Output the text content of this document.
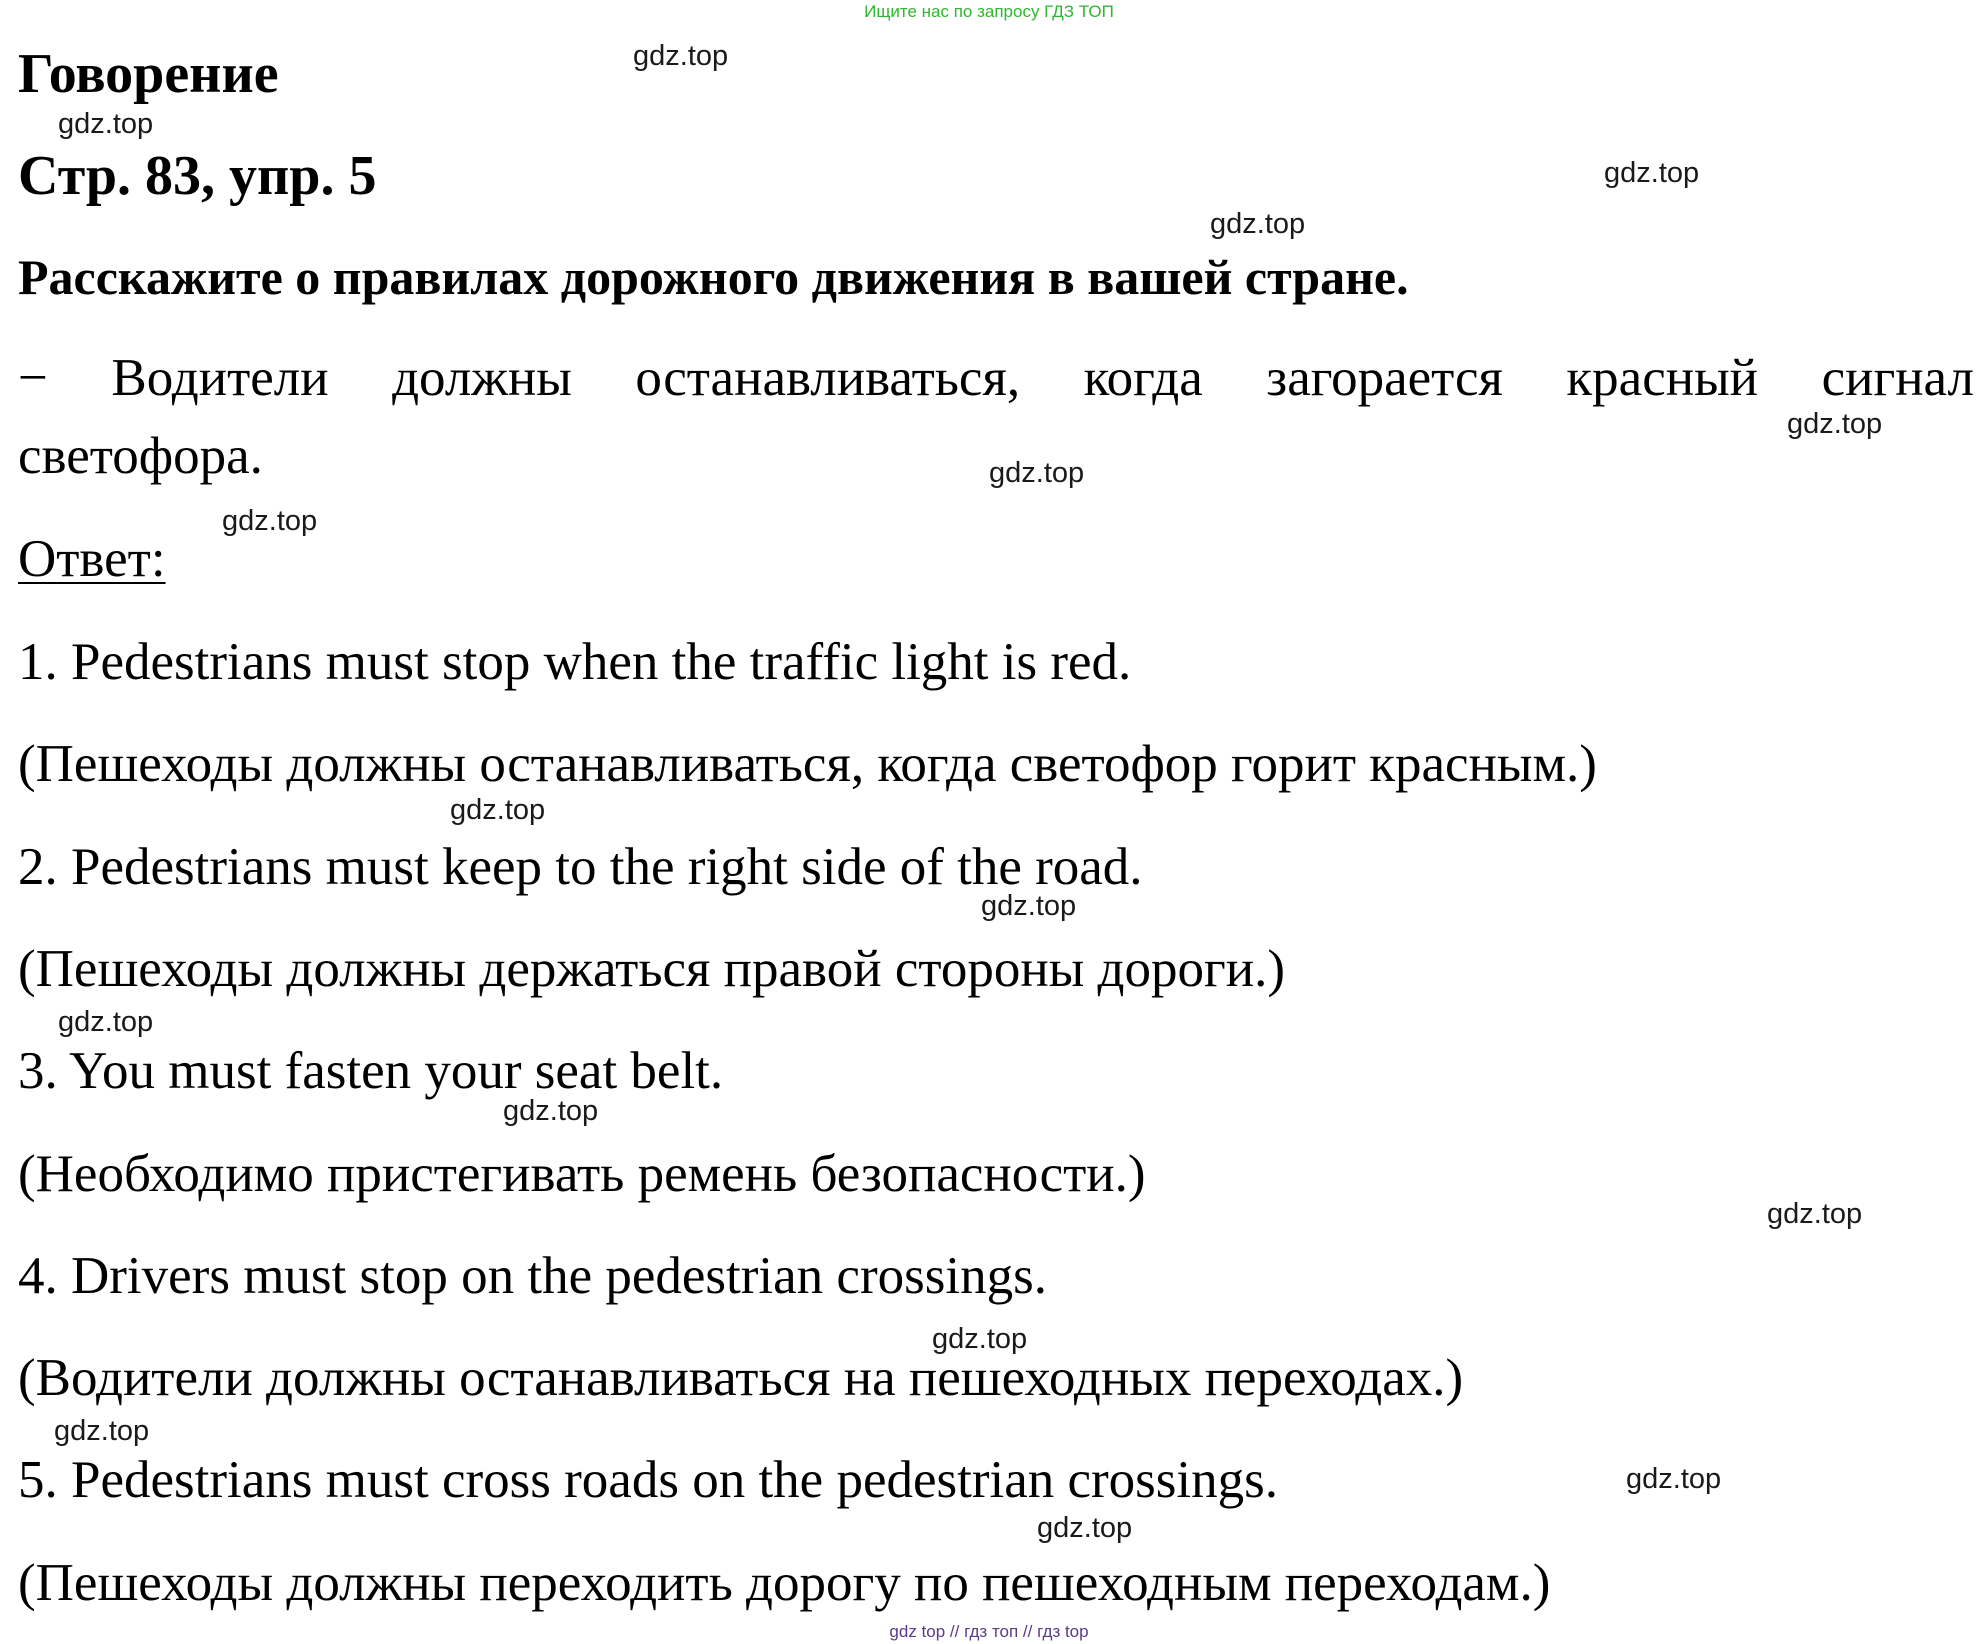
Ищите нас по запросу ГДЗ ТОП
Говорение
Стр. 83, упр. 5
Расскажите о правилах дорожного движения в вашей стране.
− Водители должны останавливаться, когда загорается красный сигнал
светофора.
Ответ:
1. Pedestrians must stop when the traffic light is red.
(Пешеходы должны останавливаться, когда светофор горит красным.)
2. Pedestrians must keep to the right side of the road.
(Пешеходы должны держаться правой стороны дороги.)
3. You must fasten your seat belt.
(Необходимо пристегивать ремень безопасности.)
4. Drivers must stop on the pedestrian crossings.
(Водители должны останавливаться на пешеходных переходах.)
5. Pedestrians must cross roads on the pedestrian crossings.
(Пешеходы должны переходить дорогу по пешеходным переходам.)
gdz.top
gdz.top
gdz.top
gdz.top
gdz.top
gdz.top
gdz.top
gdz.top
gdz.top
gdz.top
gdz.top
gdz.top
gdz.top
gdz.top
gdz.top
gdz.top
gdz top // гдз топ // гдз top
